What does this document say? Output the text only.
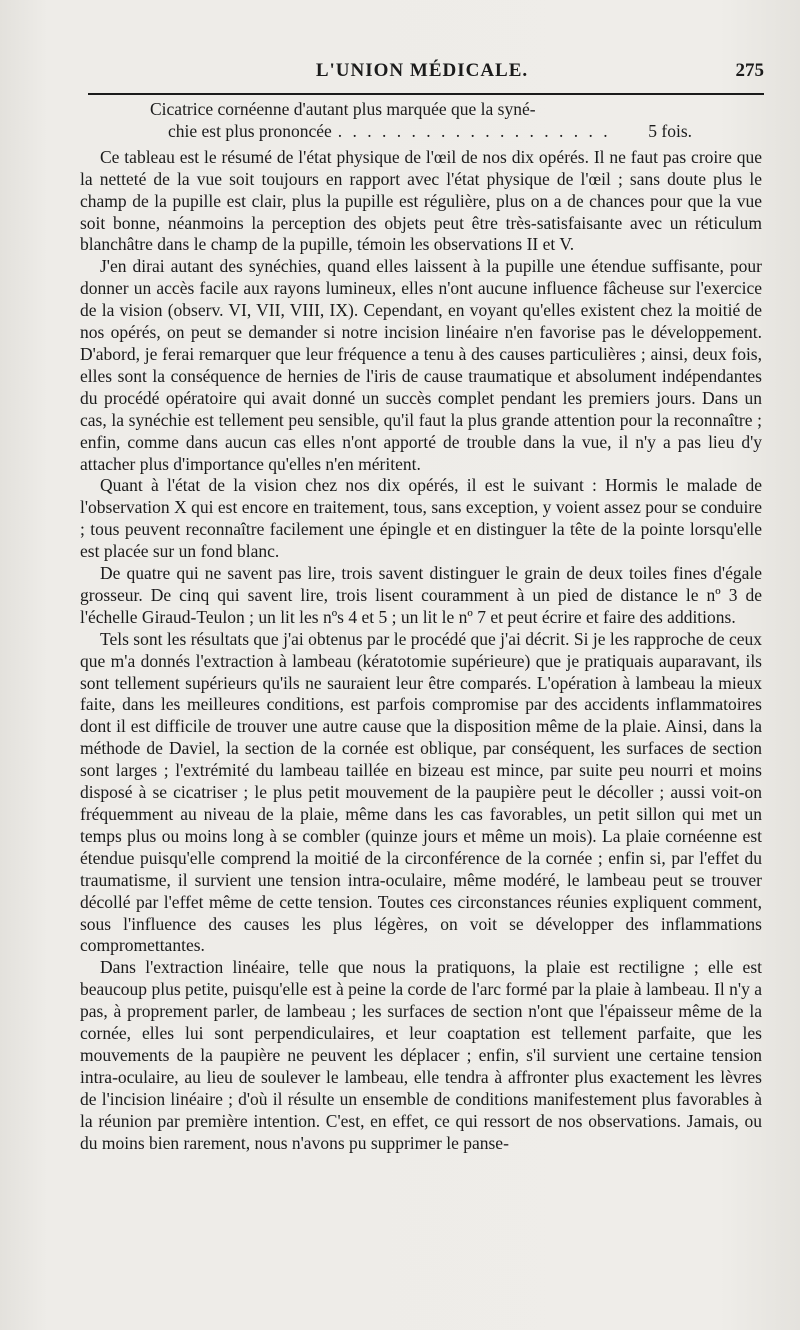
L'UNION MÉDICALE.	275
Cicatrice cornéenne d'autant plus marquée que la syné-
chie est plus prononcée . . . . . . . . . . . . . . . . . . .	5 fois.

Ce tableau est le résumé de l'état physique de l'œil de nos dix opérés. Il ne faut pas croire que la netteté de la vue soit toujours en rapport avec l'état physique de l'œil ; sans doute plus le champ de la pupille est clair, plus la pupille est régulière, plus on a de chances pour que la vue soit bonne, néanmoins la perception des objets peut être très-satisfaisante avec un réticulum blanchâtre dans le champ de la pupille, témoin les observations II et V.

J'en dirai autant des synéchies, quand elles laissent à la pupille une étendue suffisante, pour donner un accès facile aux rayons lumineux, elles n'ont aucune influence fâcheuse sur l'exercice de la vision (observ. VI, VII, VIII, IX). Cependant, en voyant qu'elles existent chez la moitié de nos opérés, on peut se demander si notre incision linéaire n'en favorise pas le développement. D'abord, je ferai remarquer que leur fréquence a tenu à des causes particulières ; ainsi, deux fois, elles sont la conséquence de hernies de l'iris de cause traumatique et absolument indépendantes du procédé opératoire qui avait donné un succès complet pendant les premiers jours. Dans un cas, la synéchie est tellement peu sensible, qu'il faut la plus grande attention pour la reconnaître ; enfin, comme dans aucun cas elles n'ont apporté de trouble dans la vue, il n'y a pas lieu d'y attacher plus d'importance qu'elles n'en méritent.

Quant à l'état de la vision chez nos dix opérés, il est le suivant : Hormis le malade de l'observation X qui est encore en traitement, tous, sans exception, y voient assez pour se conduire ; tous peuvent reconnaître facilement une épingle et en distinguer la tête de la pointe lorsqu'elle est placée sur un fond blanc.

De quatre qui ne savent pas lire, trois savent distinguer le grain de deux toiles fines d'égale grosseur. De cinq qui savent lire, trois lisent couramment à un pied de distance le nº 3 de l'échelle Giraud-Teulon ; un lit les nºs 4 et 5 ; un lit le nº 7 et peut écrire et faire des additions.

Tels sont les résultats que j'ai obtenus par le procédé que j'ai décrit. Si je les rapproche de ceux que m'a donnés l'extraction à lambeau (kératotomie supérieure) que je pratiquais auparavant, ils sont tellement supérieurs qu'ils ne sauraient leur être comparés. L'opération à lambeau la mieux faite, dans les meilleures conditions, est parfois compromise par des accidents inflammatoires dont il est difficile de trouver une autre cause que la disposition même de la plaie. Ainsi, dans la méthode de Daviel, la section de la cornée est oblique, par conséquent, les surfaces de section sont larges ; l'extrémité du lambeau taillée en bizeau est mince, par suite peu nourri et moins disposé à se cicatriser ; le plus petit mouvement de la paupière peut le décoller ; aussi voit-on fréquemment au niveau de la plaie, même dans les cas favorables, un petit sillon qui met un temps plus ou moins long à se combler (quinze jours et même un mois). La plaie cornéenne est étendue puisqu'elle comprend la moitié de la circonférence de la cornée ; enfin si, par l'effet du traumatisme, il survient une tension intra-oculaire, même modéré, le lambeau peut se trouver décollé par l'effet même de cette tension. Toutes ces circonstances réunies expliquent comment, sous l'influence des causes les plus légères, on voit se développer des inflammations compromettantes.

Dans l'extraction linéaire, telle que nous la pratiquons, la plaie est rectiligne ; elle est beaucoup plus petite, puisqu'elle est à peine la corde de l'arc formé par la plaie à lambeau. Il n'y a pas, à proprement parler, de lambeau ; les surfaces de section n'ont que l'épaisseur même de la cornée, elles lui sont perpendiculaires, et leur coaptation est tellement parfaite, que les mouvements de la paupière ne peuvent les déplacer ; enfin, s'il survient une certaine tension intra-oculaire, au lieu de soulever le lambeau, elle tendra à affronter plus exactement les lèvres de l'incision linéaire ; d'où il résulte un ensemble de conditions manifestement plus favorables à la réunion par première intention. C'est, en effet, ce qui ressort de nos observations. Jamais, ou du moins bien rarement, nous n'avons pu supprimer le panse-
